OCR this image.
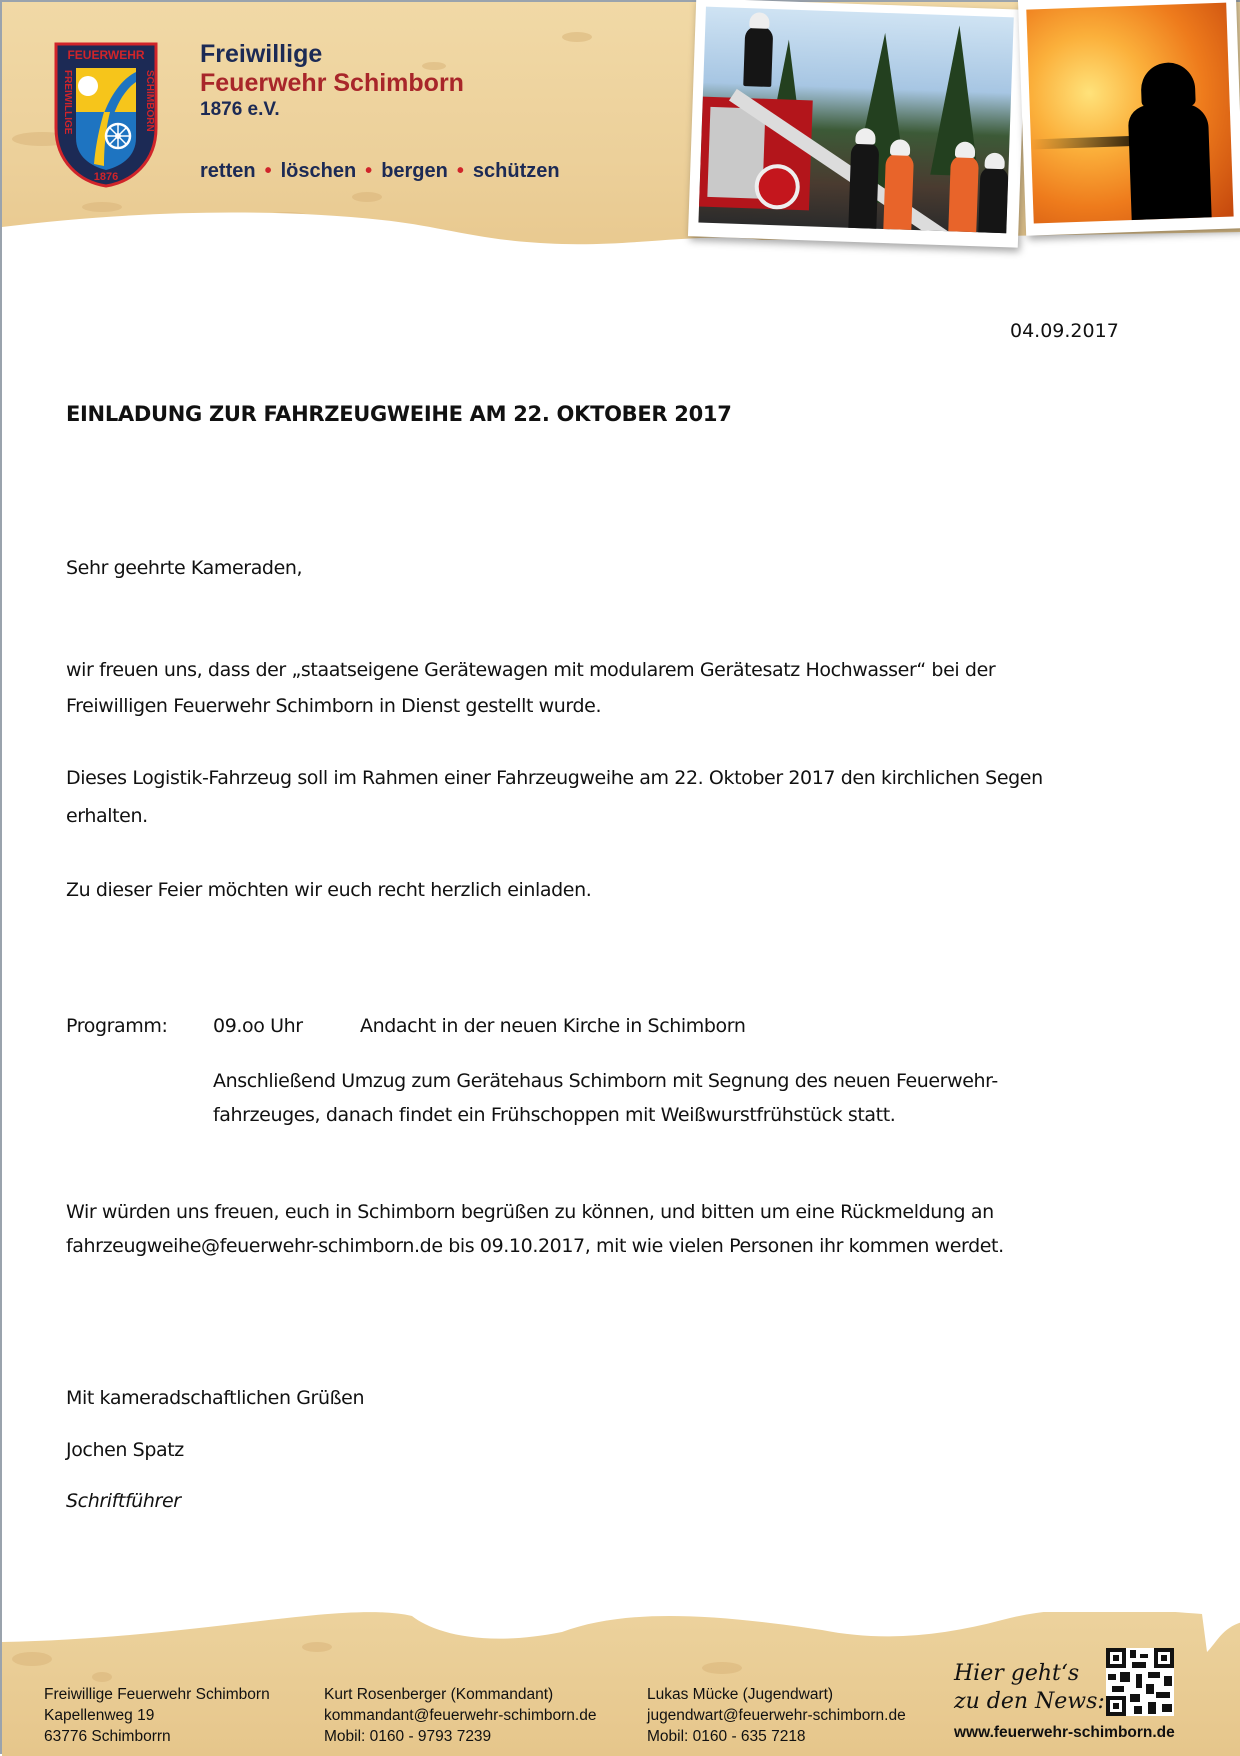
FEUERWEHR
FREIWILLIGE	SCHIMBORN
1876
Freiwillige
Feuerwehr Schimborn
1876 e.V.
retten • löschen • bergen • schützen
04.09.2017
EINLADUNG ZUR FAHRZEUGWEIHE AM 22. OKTOBER 2017
Sehr geehrte Kameraden,
wir freuen uns, dass der „staatseigene Gerätewagen mit modularem Gerätesatz Hochwasser“ bei der
Freiwilligen Feuerwehr Schimborn in Dienst gestellt wurde.
Dieses Logistik-Fahrzeug soll im Rahmen einer Fahrzeugweihe am 22. Oktober 2017 den kirchlichen Segen
erhalten.
Zu dieser Feier möchten wir euch recht herzlich einladen.
Programm: 09.oo Uhr	Andacht in der neuen Kirche in Schimborn
Anschließend Umzug zum Gerätehaus Schimborn mit Segnung des neuen Feuerwehr-
fahrzeuges, danach findet ein Frühschoppen mit Weißwurstfrühstück statt.
Wir würden uns freuen, euch in Schimborn begrüßen zu können, und bitten um eine Rückmeldung an
fahrzeugweihe@feuerwehr-schimborn.de bis 09.10.2017, mit wie vielen Personen ihr kommen werdet.
Mit kameradschaftlichen Grüßen
Jochen Spatz
Schriftführer
Freiwillige Feuerwehr Schimborn
Kapellenweg 19
63776 Schimborrn
Kurt Rosenberger (Kommandant)
kommandant@feuerwehr-schimborn.de
Mobil: 0160 - 9793 7239
Lukas Mücke (Jugendwart)
jugendwart@feuerwehr-schimborn.de
Mobil: 0160 - 635 7218
Hier geht‘s
zu den News:
www.feuerwehr-schimborn.de
